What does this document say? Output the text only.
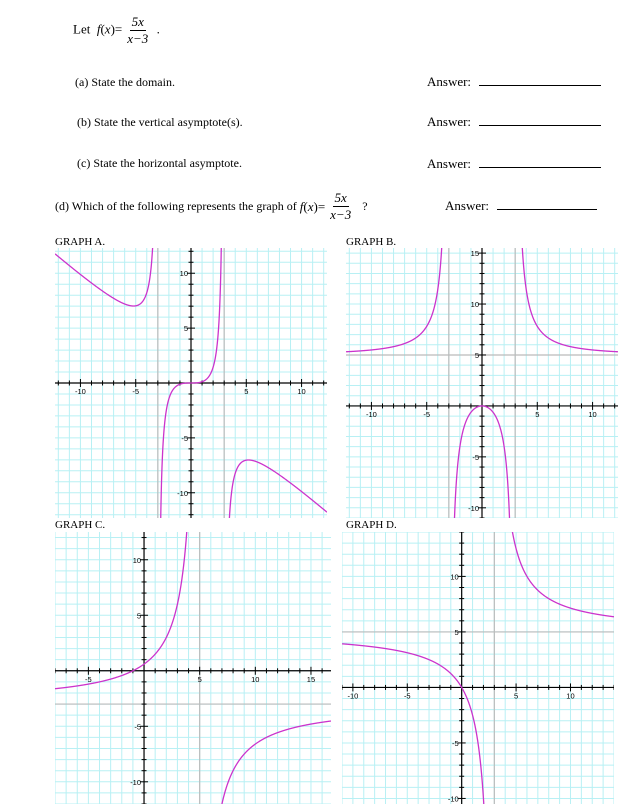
Let $f(x)= \frac{5x}{x-3}$ .
(a) State the domain.	Answer:
(b) State the vertical asymptote(s).	Answer:
(c) State the horizontal asymptote.	Answer:
(d) Which of the following represents the graph of
f ( x ) = $\frac{5x}{x-3}$
?	Answer:
GRAPH A.	GRAPH B.
GRAPH C.	GRAPH D.
-10	-5	5	10
-10
-5
5
10
-10	-5	5	10
-10
-5
5
10
15
-5	5	10	15
-10
-5
5
10
-10	-5	5	10
-10
-5
5
10
